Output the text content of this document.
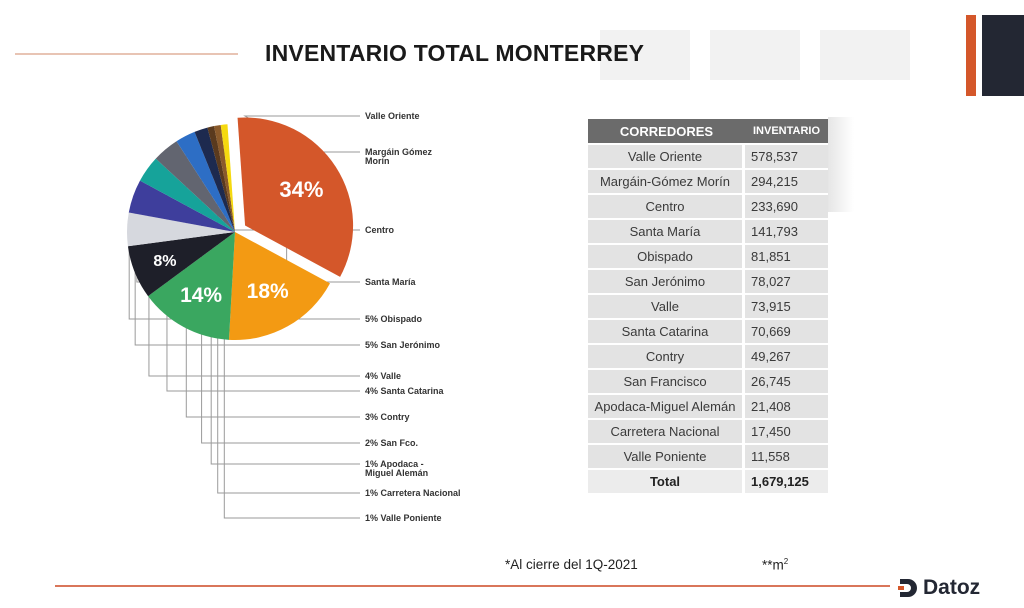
INVENTARIO TOTAL MONTERREY
34%
18%
14%
8%
Valle Oriente
Margáin Gómez
Morín
Centro
Santa María
5% Obispado
5% San Jerónimo
4% Valle
4% Santa Catarina
3% Contry
2% San Fco.
1% Apodaca -
Miguel Alemán
1% Carretera Nacional
1% Valle Poniente
CORREDORES	INVENTARIO
Valle Oriente	578,537
Margáin-Gómez Morín	294,215
Centro	233,690
Santa María	141,793
Obispado	81,851
San Jerónimo	78,027
Valle	73,915
Santa Catarina	70,669
Contry	49,267
San Francisco	26,745
Apodaca-Miguel Alemán	21,408
Carretera Nacional	17,450
Valle Poniente	11,558
Total	1,679,125
*Al cierre del 1Q-2021	$**m^2$
Datoz
